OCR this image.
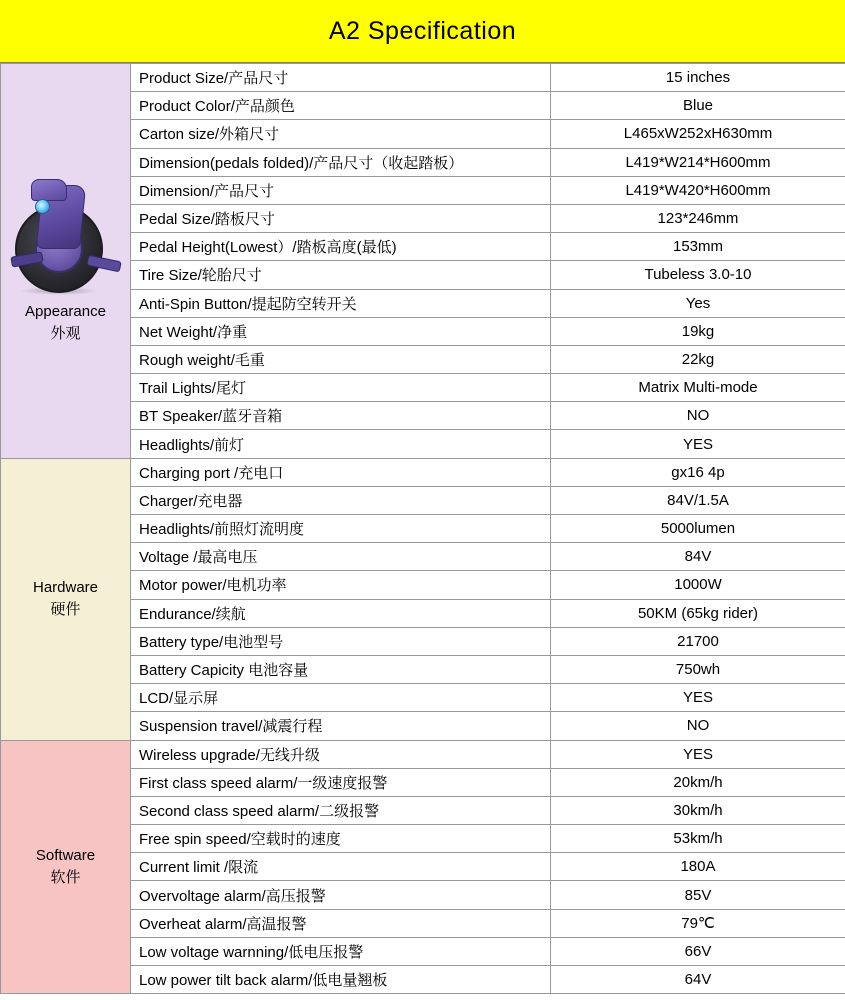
A2 Specification
Appearance
外观	Product Size/产品尺寸	15 inches
	Product Color/产品颜色	Blue
	Carton size/外箱尺寸	L465xW252xH630mm
	Dimension(pedals folded)/产品尺寸（收起踏板）	L419*W214*H600mm
	Dimension/产品尺寸	L419*W420*H600mm
	Pedal Size/踏板尺寸	123*246mm
	Pedal Height(Lowest）/踏板高度(最低)	153mm
	Tire Size/轮胎尺寸	Tubeless 3.0-10
	Anti-Spin Button/提起防空转开关	Yes
	Net Weight/净重	19kg
	Rough weight/毛重	22kg
	Trail Lights/尾灯	Matrix Multi-mode
	BT Speaker/蓝牙音箱	NO
	Headlights/前灯	YES

Hardware
硬件	Charging port /充电口	gx16 4p
	Charger/充电器	84V/1.5A
	Headlights/前照灯流明度	5000lumen
	Voltage /最高电压	84V
	Motor power/电机功率	1000W
	Endurance/续航	50KM (65kg rider)
	Battery type/电池型号	21700
	Battery Capicity 电池容量	750wh
	LCD/显示屏	YES
	Suspension travel/减震行程	NO

Software
软件	Wireless upgrade/无线升级	YES
	First class speed alarm/一级速度报警	20km/h
	Second class speed alarm/二级报警	30km/h
	Free spin speed/空载时的速度	53km/h
	Current limit /限流	180A
	Overvoltage alarm/高压报警	85V
	Overheat alarm/高温报警	79℃
	Low voltage warnning/低电压报警	66V
	Low power tilt back alarm/低电量翘板	64V
